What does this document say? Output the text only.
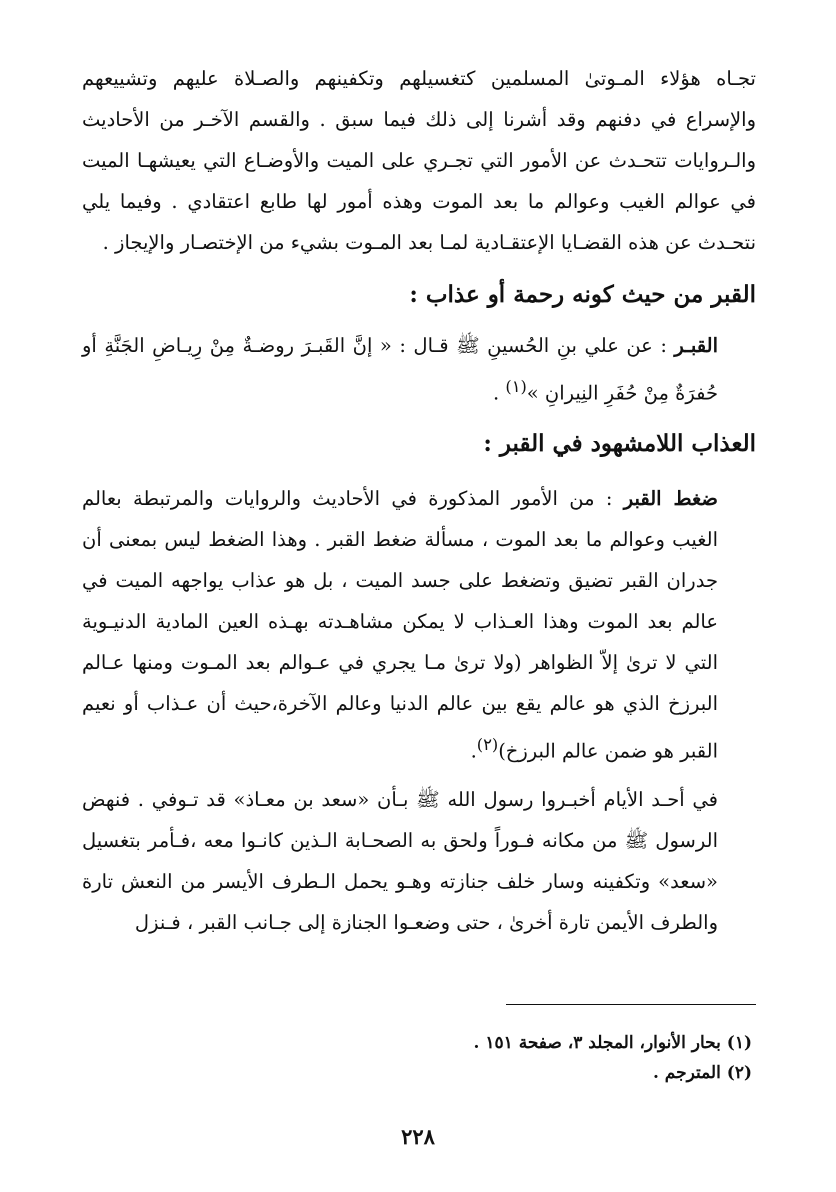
تجـاه هؤلاء المـوتىٰ المسلمين كتغسيلهم وتكفينهم والصـلاة عليهم وتشييعهم والإسراع في دفنهم وقد أشرنا إلى ذلك فيما سبق . والقسم الآخـر من الأحاديث والـروايات تتحـدث عن الأمور التي تجـري على الميت والأوضـاع التي يعيشهـا الميت في عوالم الغيب وعوالم ما بعد الموت وهذه أمور لها طابع اعتقادي . وفيما يلي نتحـدث عن هذه القضـايا الإعتقـادية لمـا بعد المـوت بشيء من الإختصـار والإيجاز .

القبر من حيث كونه رحمة أو عذاب :

القبـر : عن علي بنِ الحُسينِ ﷺ قـال : « إنَّ القَبـرَ روضـةٌ مِنْ رِيـاضِ الجَنَّةِ أو حُفرَةٌ مِنْ حُفَرِ النِيرانِ »$^{(١)}$ .

العذاب اللامشهود في القبر :

ضغط القبر : من الأمور المذكورة في الأحاديث والروايات والمرتبطة بعالم الغيب وعوالم ما بعد الموت ، مسألة ضغط القبر . وهذا الضغط ليس بمعنى أن جدران القبر تضيق وتضغط على جسد الميت ، بل هو عذاب يواجهه الميت في عالم بعد الموت وهذا العـذاب لا يمكن مشاهـدته بهـذه العين المادية الدنيـوية التي لا ترىٰ إلاّ الظواهر (ولا ترىٰ مـا يجري في عـوالم بعد المـوت ومنها عـالم البرزخ الذي هو عالم يقع بين عالم الدنيا وعالم الآخرة،حيث أن عـذاب أو نعيم القبر هو ضمن عالم البرزخ)$^{(٢)}$.

في أحـد الأيام أخبـروا رسول الله ﷺ بـأن «سعد بن معـاذ» قد تـوفي . فنهض الرسول ﷺ من مكانه فـوراً ولحق به الصحـابة الـذين كانـوا معه ،فـأمر بتغسيل «سعد» وتكفينه وسار خلف جنازته وهـو يحمل الـطرف الأيسر من النعش تارة والطرف الأيمن تارة أخرىٰ ، حتى وضعـوا الجنازة إلى جـانب القبر ، فـنزل

(١) بحار الأنوار، المجلد ٣، صفحة ١٥١ .
(٢) المترجم .
٢٢٨
